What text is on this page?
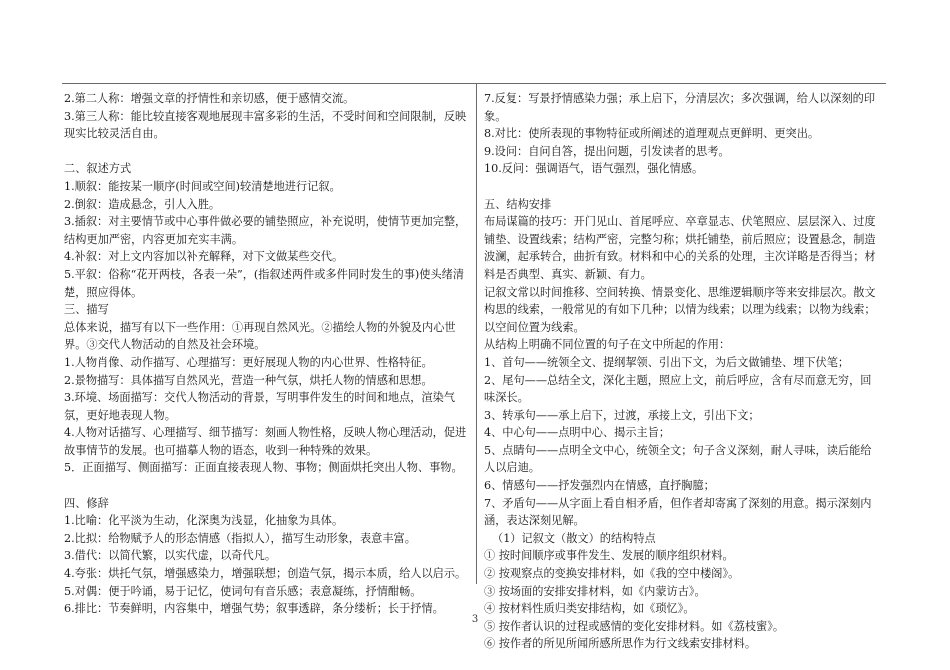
2.第二人称：增强文章的抒情性和亲切感，便于感情交流。

3.第三人称：能比较直接客观地展现丰富多彩的生活，不受时间和空间限制，反映现实比较灵活自由。

二、叙述方式

1.顺叙：能按某一顺序(时间或空间)较清楚地进行记叙。

2.倒叙：造成悬念，引人入胜。

3.插叙：对主要情节或中心事件做必要的铺垫照应，补充说明，使情节更加完整，结构更加严密，内容更加充实丰满。

4.补叙：对上文内容加以补充解释，对下文做某些交代。

5.平叙：俗称“花开两枝，各表一朵”，(指叙述两件或多件同时发生的事)使头绪清楚，照应得体。

三、描写

总体来说，描写有以下一些作用：①再现自然风光。②描绘人物的外貌及内心世界。③交代人物活动的自然及社会环境。

1.人物肖像、动作描写、心理描写：更好展现人物的内心世界、性格特征。

2.景物描写：具体描写自然风光，营造一种气氛，烘托人物的情感和思想。

3.环境、场面描写：交代人物活动的背景，写明事件发生的时间和地点，渲染气氛，更好地表现人物。

4.人物对话描写、心理描写、细节描写：刻画人物性格，反映人物心理活动，促进故事情节的发展。也可描摹人物的语态，收到一种特殊的效果。

5．正面描写、侧面描写：正面直接表现人物、事物；侧面烘托突出人物、事物。

四、修辞

1.比喻：化平淡为生动，化深奥为浅显，化抽象为具体。

2.比拟：给物赋予人的形态情感（指拟人），描写生动形象，表意丰富。

3.借代：以简代繁，以实代虚，以奇代凡。

4.夸张：烘托气氛，增强感染力，增强联想；创造气氛，揭示本质，给人以启示。

5.对偶：便于吟诵，易于记忆，使词句有音乐感；表意凝练，抒情酣畅。

6.排比：节奏鲜明，内容集中，增强气势；叙事透辟，条分缕析；长于抒情。

7.反复：写景抒情感染力强；承上启下，分清层次；多次强调，给人以深刻的印象。

8.对比：使所表现的事物特征或所阐述的道理观点更鲜明、更突出。

9.设问：自问自答，提出问题，引发读者的思考。

10.反问：强调语气，语气强烈，强化情感。

五、结构安排

布局谋篇的技巧：开门见山、首尾呼应、卒章显志、伏笔照应、层层深入、过度铺垫、设置线索；结构严密，完整匀称；烘托铺垫，前后照应；设置悬念，制造波澜，起承转合，曲折有致。材料和中心的关系的处理，主次详略是否得当；材料是否典型、真实、新颖、有力。

记叙文常以时间推移、空间转换、情景变化、思维逻辑顺序等来安排层次。散文构思的线索，一般常见的有如下几种；以情为线索；以理为线索；以物为线索；以空间位置为线索。

从结构上明确不同位置的句子在文中所起的作用：

1、首句——统领全文、提纲挈领、引出下文，为后文做铺垫、埋下伏笔；

2、尾句——总结全文，深化主题，照应上文，前后呼应，含有尽而意无穷，回味深长。

3、转承句——承上启下，过渡，承接上文，引出下文；

4、中心句——点明中心、揭示主旨；

5、点睛句——点明全文中心，统领全文；句子含义深刻，耐人寻味，读后能给人以启迪。

6、情感句——抒发强烈内在情感，直抒胸臆；

7、矛盾句——从字面上看自相矛盾，但作者却寄寓了深刻的用意。揭示深刻内涵，表达深刻见解。

（1）记叙文（散文）的结构特点

① 按时间顺序或事件发生、发展的顺序组织材料。

② 按观察点的变换安排材料，如《我的空中楼阁》。

③ 按场面的安排安排材料，如《内蒙访古》。

④ 按材料性质归类安排结构，如《琐忆》。

⑤ 按作者认识的过程或感情的变化安排材料。如《荔枝蜜》。

⑥ 按作者的所见所闻所感所思作为行文线索安排材料。

3
